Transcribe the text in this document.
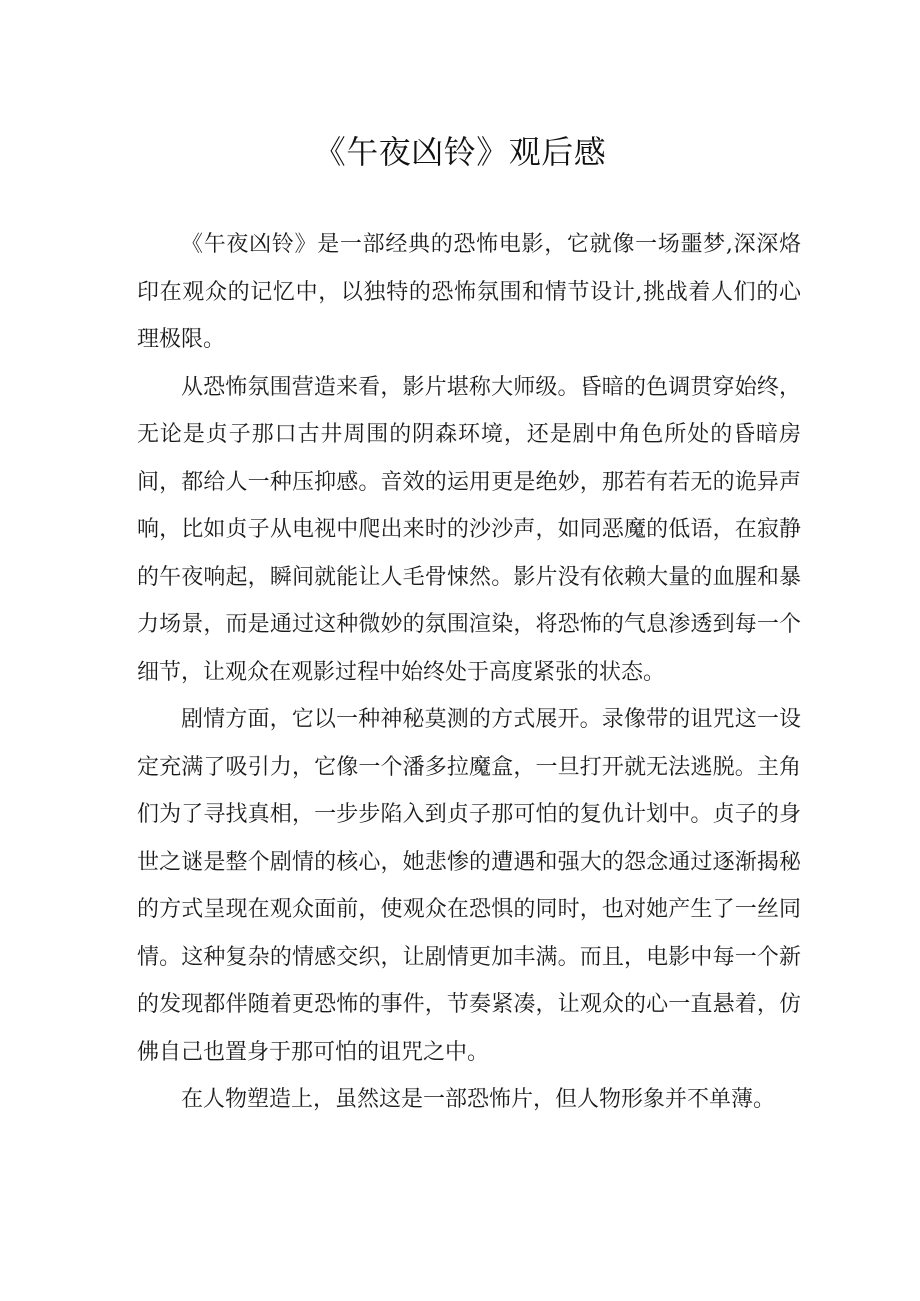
《午夜凶铃》观后感

《午夜凶铃》是一部经典的恐怖电影，它就像一场噩梦,深深烙印在观众的记忆中，以独特的恐怖氛围和情节设计,挑战着人们的心理极限。

从恐怖氛围营造来看，影片堪称大师级。昏暗的色调贯穿始终，无论是贞子那口古井周围的阴森环境，还是剧中角色所处的昏暗房间，都给人一种压抑感。音效的运用更是绝妙，那若有若无的诡异声响，比如贞子从电视中爬出来时的沙沙声，如同恶魔的低语，在寂静的午夜响起，瞬间就能让人毛骨悚然。影片没有依赖大量的血腥和暴力场景，而是通过这种微妙的氛围渲染，将恐怖的气息渗透到每一个细节，让观众在观影过程中始终处于高度紧张的状态。

剧情方面，它以一种神秘莫测的方式展开。录像带的诅咒这一设定充满了吸引力，它像一个潘多拉魔盒，一旦打开就无法逃脱。主角们为了寻找真相，一步步陷入到贞子那可怕的复仇计划中。贞子的身世之谜是整个剧情的核心，她悲惨的遭遇和强大的怨念通过逐渐揭秘的方式呈现在观众面前，使观众在恐惧的同时，也对她产生了一丝同情。这种复杂的情感交织，让剧情更加丰满。而且，电影中每一个新的发现都伴随着更恐怖的事件，节奏紧凑，让观众的心一直悬着，仿佛自己也置身于那可怕的诅咒之中。

在人物塑造上，虽然这是一部恐怖片，但人物形象并不单薄。
